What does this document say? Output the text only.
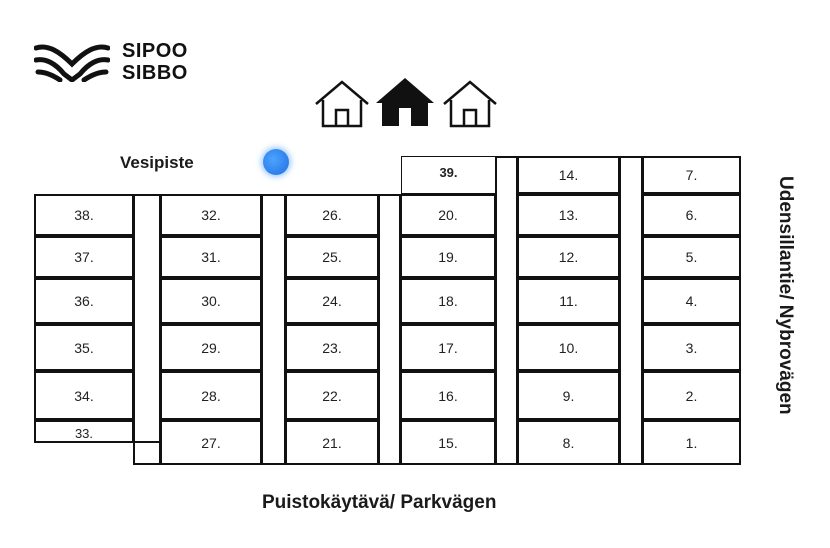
SIPOO
SIBBO
Vesipiste
1.
2.
3.
4.
5.
6.
7.
8.
9.
10.
11.
12.
13.
14.
15.
16.
17.
18.
19.
20.
21.
22.
23.
24.
25.
26.
27.
28.
29.
30.
31.
32.
33.
34.
35.
36.
37.
38.
39.
Puistokäytävä/ Parkvägen
Udensillantie/ Nybrovägen
